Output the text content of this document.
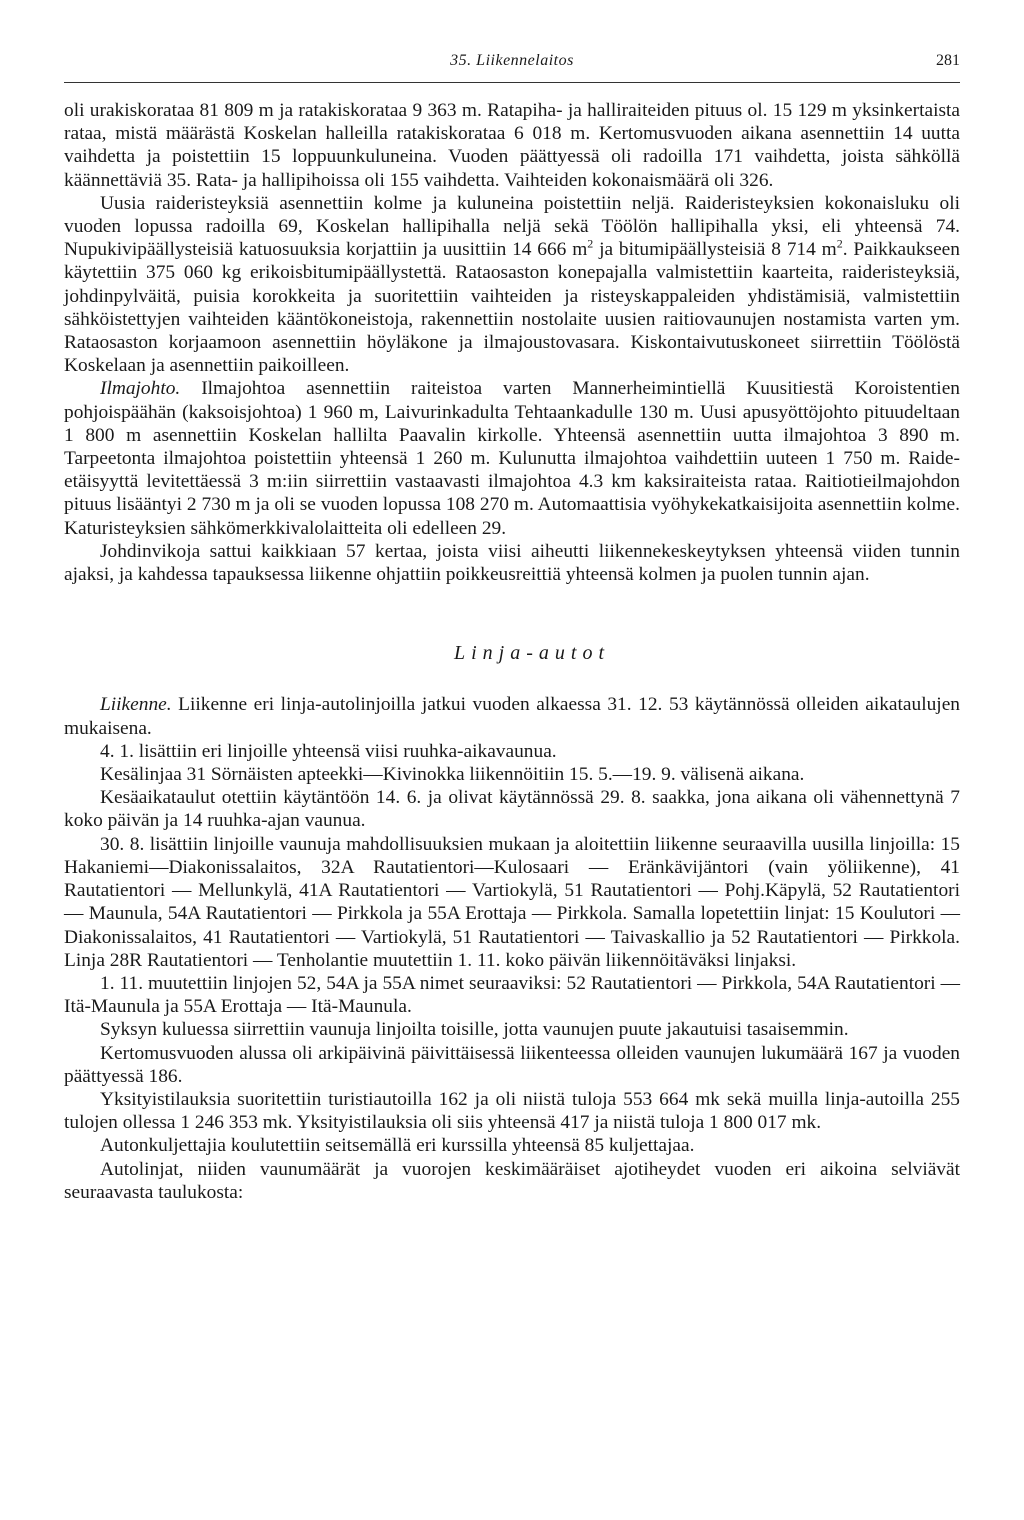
35. Liikennelaitos	281

oli urakiskorataa 81 809 m ja ratakiskorataa 9 363 m. Ratapiha- ja halliraiteiden pituus ol. 15 129 m yksinkertaista rataa, mistä määrästä Koskelan halleilla ratakiskorataa 6 018 m. Kertomusvuoden aikana asennettiin 14 uutta vaihdetta ja poistettiin 15 loppuunkuluneina. Vuoden päättyessä oli radoilla 171 vaihdetta, joista sähköllä käännettäviä 35. Rata- ja hallipihoissa oli 155 vaihdetta. Vaihteiden kokonaismäärä oli 326.

Uusia raideristeyksiä asennettiin kolme ja kuluneina poistettiin neljä. Raideristeyksien kokonaisluku oli vuoden lopussa radoilla 69, Koskelan hallipihalla neljä sekä Töölön hallipihalla yksi, eli yhteensä 74. Nupukivipäällysteisiä katuosuuksia korjattiin ja uusittiin 14 666 $m^2$ ja bitumipäällysteisiä 8 714 $m^2$. Paikkaukseen käytettiin 375 060 kg erikoisbitumipäällystettä. Rataosaston konepajalla valmistettiin kaarteita, raideristeyksiä, johdinpylväitä, puisia korokkeita ja suoritettiin vaihteiden ja risteyskappaleiden yhdistämisiä, valmistettiin sähköistettyjen vaihteiden kääntökoneistoja, rakennettiin nostolaite uusien raitiovaunujen nostamista varten ym. Rataosaston korjaamoon asennettiin höyläkone ja ilmajoustovasara. Kiskontaivutuskoneet siirrettiin Töölöstä Koskelaan ja asennettiin paikoilleen.

Ilmajohto. Ilmajohtoa asennettiin raiteistoa varten Mannerheimintiellä Kuusitiestä Koroistentien pohjoispäähän (kaksoisjohtoa) 1 960 m, Laivurinkadulta Tehtaankadulle 130 m. Uusi apusyöttöjohto pituudeltaan 1 800 m asennettiin Koskelan hallilta Paavalin kirkolle. Yhteensä asennettiin uutta ilmajohtoa 3 890 m. Tarpeetonta ilmajohtoa poistettiin yhteensä 1 260 m. Kulunutta ilmajohtoa vaihdettiin uuteen 1 750 m. Raide-etäisyyttä levitettäessä 3 m:iin siirrettiin vastaavasti ilmajohtoa 4.3 km kaksiraiteista rataa. Raitiotieilmajohdon pituus lisääntyi 2 730 m ja oli se vuoden lopussa 108 270 m. Automaattisia vyöhykekatkaisijoita asennettiin kolme. Katuristeyksien sähkömerkkivalolaitteita oli edelleen 29.

Johdinvikoja sattui kaikkiaan 57 kertaa, joista viisi aiheutti liikennekeskeytyksen yhteensä viiden tunnin ajaksi, ja kahdessa tapauksessa liikenne ohjattiin poikkeusreittiä yhteensä kolmen ja puolen tunnin ajan.

Linja-autot

Liikenne. Liikenne eri linja-autolinjoilla jatkui vuoden alkaessa 31. 12. 53 käytännössä olleiden aikataulujen mukaisena.

4. 1. lisättiin eri linjoille yhteensä viisi ruuhka-aikavaunua.

Kesälinjaa 31 Sörnäisten apteekki—Kivinokka liikennöitiin 15. 5.—19. 9. välisenä aikana.

Kesäaikataulut otettiin käytäntöön 14. 6. ja olivat käytännössä 29. 8. saakka, jona aikana oli vähennettynä 7 koko päivän ja 14 ruuhka-ajan vaunua.

30. 8. lisättiin linjoille vaunuja mahdollisuuksien mukaan ja aloitettiin liikenne seuraavilla uusilla linjoilla: 15 Hakaniemi—Diakonissalaitos, 32A Rautatientori—Kulosaari — Eränkävijäntori (vain yöliikenne), 41 Rautatientori — Mellunkylä, 41A Rautatientori — Vartiokylä, 51 Rautatientori — Pohj.Käpylä, 52 Rautatientori — Maunula, 54A Rautatientori — Pirkkola ja 55A Erottaja — Pirkkola. Samalla lopetettiin linjat: 15 Koulutori — Diakonissalaitos, 41 Rautatientori — Vartiokylä, 51 Rautatientori — Taivaskallio ja 52 Rautatientori — Pirkkola. Linja 28R Rautatientori — Tenholantie muutettiin 1. 11. koko päivän liikennöitäväksi linjaksi.

1. 11. muutettiin linjojen 52, 54A ja 55A nimet seuraaviksi: 52 Rautatientori — Pirkkola, 54A Rautatientori — Itä-Maunula ja 55A Erottaja — Itä-Maunula.

Syksyn kuluessa siirrettiin vaunuja linjoilta toisille, jotta vaunujen puute jakautuisi tasaisemmin.

Kertomusvuoden alussa oli arkipäivinä päivittäisessä liikenteessa olleiden vaunujen lukumäärä 167 ja vuoden päättyessä 186.

Yksityistilauksia suoritettiin turistiautoilla 162 ja oli niistä tuloja 553 664 mk sekä muilla linja-autoilla 255 tulojen ollessa 1 246 353 mk. Yksityistilauksia oli siis yhteensä 417 ja niistä tuloja 1 800 017 mk.

Autonkuljettajia koulutettiin seitsemällä eri kurssilla yhteensä 85 kuljettajaa.

Autolinjat, niiden vaunumäärät ja vuorojen keskimääräiset ajotiheydet vuoden eri aikoina selviävät seuraavasta taulukosta:
